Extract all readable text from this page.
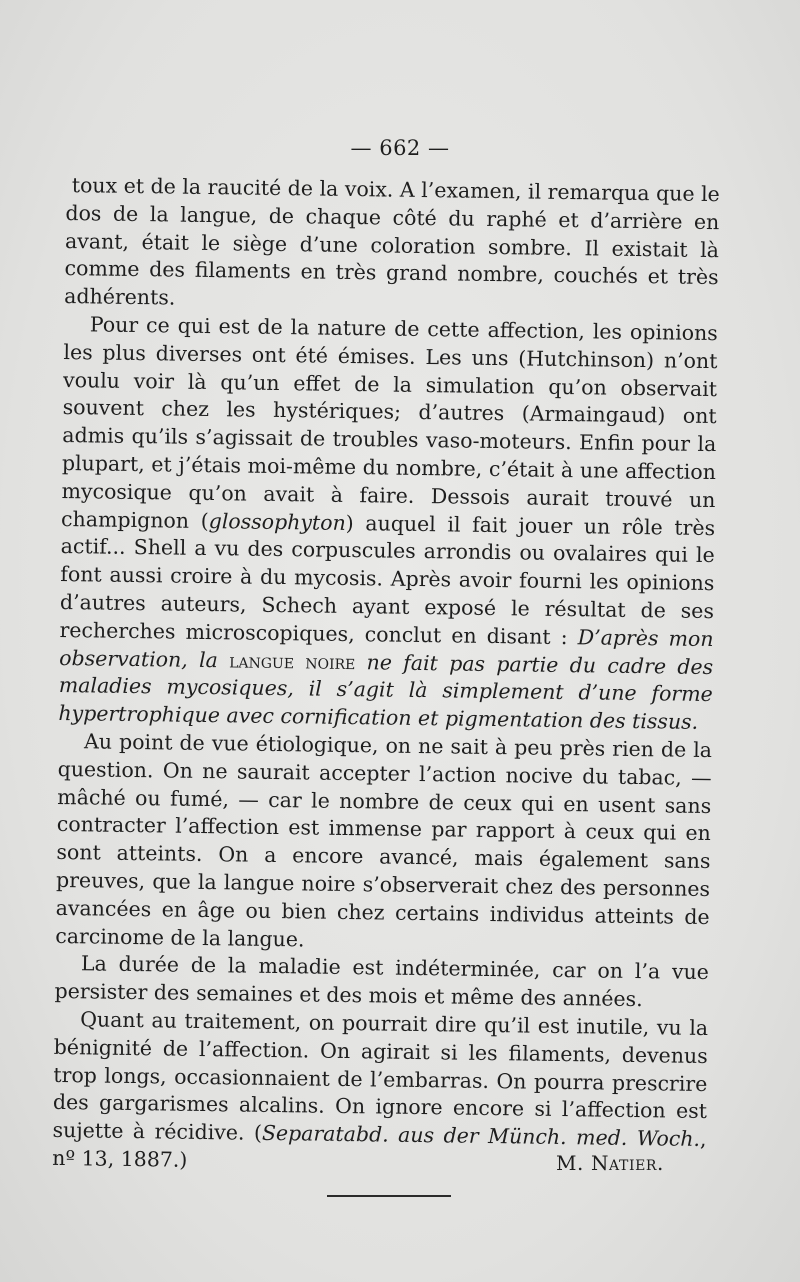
— 662 —

toux et de la raucité de la voix. A l’examen, il remarqua que le dos de la langue, de chaque côté du raphé et d’arrière en avant, était le siège d’une coloration sombre. Il existait là comme des filaments en très grand nombre, couchés et très adhérents.

Pour ce qui est de la nature de cette affection, les opinions les plus diverses ont été émises. Les uns (Hutchinson) n’ont voulu voir là qu’un effet de la simulation qu’on observait souvent chez les hystériques; d’autres (Armaingaud) ont admis qu’ils s’agissait de troubles vaso-moteurs. Enfin pour la plupart, et j’étais moi-même du nombre, c’était à une affection mycosique qu’on avait à faire. Dessois aurait trouvé un champignon (glossophyton) auquel il fait jouer un rôle très actif... Shell a vu des corpuscules arrondis ou ovalaires qui le font aussi croire à du mycosis. Après avoir fourni les opinions d’autres auteurs, Schech ayant exposé le résultat de ses recherches microscopiques, conclut en disant : D’après mon observation, la langue noire ne fait pas partie du cadre des maladies mycosiques, il s’agit là simplement d’une forme hypertrophique avec cornification et pigmentation des tissus.

Au point de vue étiologique, on ne sait à peu près rien de la question. On ne saurait accepter l’action nocive du tabac, — mâché ou fumé, — car le nombre de ceux qui en usent sans contracter l’affection est immense par rapport à ceux qui en sont atteints. On a encore avancé, mais également sans preuves, que la langue noire s’observerait chez des personnes avancées en âge ou bien chez certains individus atteints de carcinome de la langue.

La durée de la maladie est indéterminée, car on l’a vue persister des semaines et des mois et même des années.

Quant au traitement, on pourrait dire qu’il est inutile, vu la bénignité de l’affection. On agirait si les filaments, devenus trop longs, occasionnaient de l’embarras. On pourra prescrire des gargarismes alcalins. On ignore encore si l’affection est sujette à récidive. (Separatabd. aus der Münch. med. Woch., nº 13, 1887.)	M. Natier.
